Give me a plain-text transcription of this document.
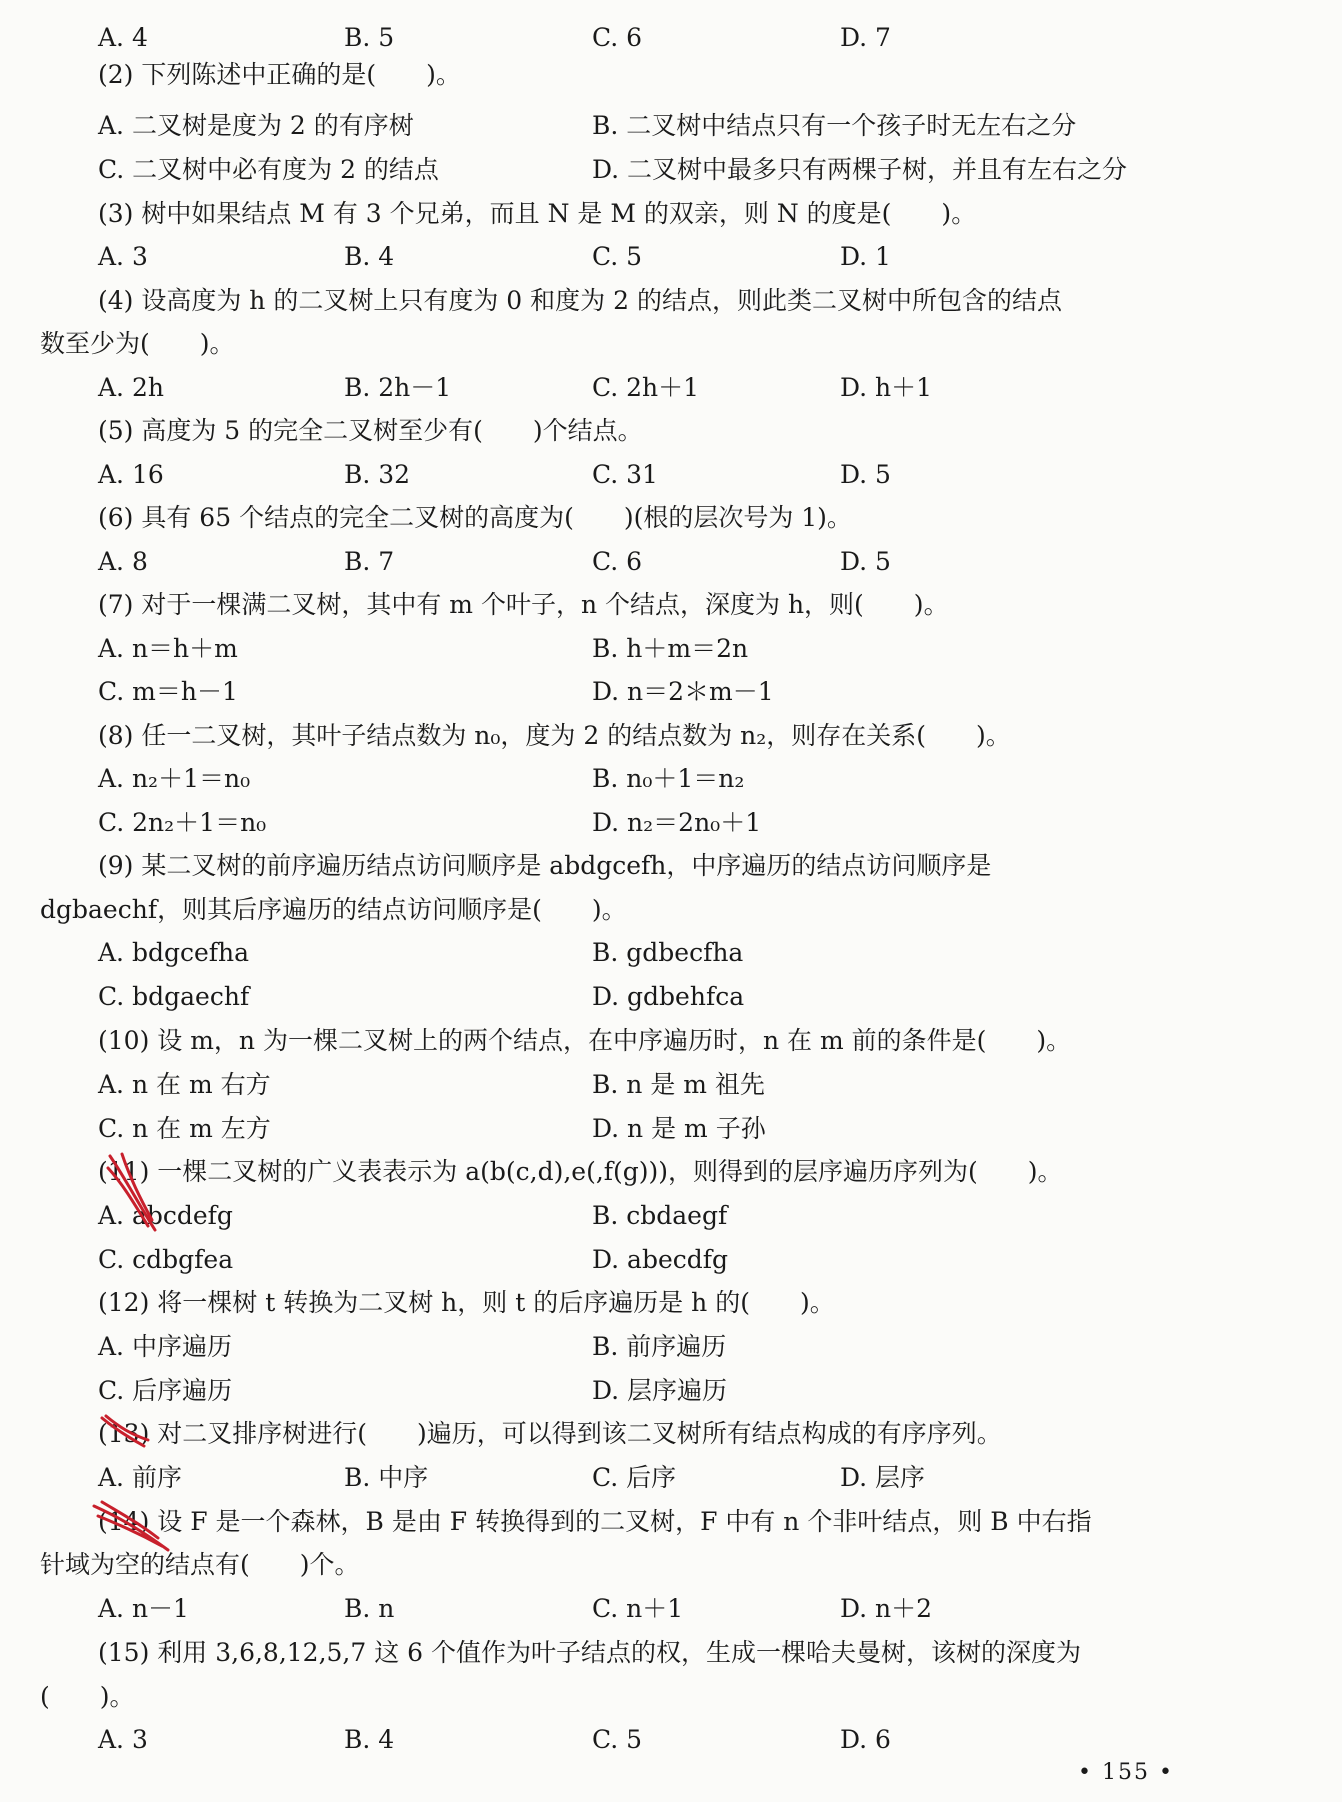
A. 4	B. 5	C. 6	D. 7
(2) 下列陈述中正确的是(　　)。
A. 二叉树是度为 2 的有序树	B. 二叉树中结点只有一个孩子时无左右之分
C. 二叉树中必有度为 2 的结点	D. 二叉树中最多只有两棵子树，并且有左右之分
(3) 树中如果结点 M 有 3 个兄弟，而且 N 是 M 的双亲，则 N 的度是(　　)。
A. 3	B. 4	C. 5	D. 1
(4) 设高度为 h 的二叉树上只有度为 0 和度为 2 的结点，则此类二叉树中所包含的结点
数至少为(　　)。
A. 2h	B. 2h－1	C. 2h＋1	D. h＋1
(5) 高度为 5 的完全二叉树至少有(　　)个结点。
A. 16	B. 32	C. 31	D. 5
(6) 具有 65 个结点的完全二叉树的高度为(　　)(根的层次号为 1)。
A. 8	B. 7	C. 6	D. 5
(7) 对于一棵满二叉树，其中有 m 个叶子，n 个结点，深度为 h，则(　　)。
A. n＝h＋m	B. h＋m＝2n
C. m＝h－1	D. n＝2＊m－1
(8) 任一二叉树，其叶子结点数为 n₀，度为 2 的结点数为 n₂，则存在关系(　　)。
A. n₂＋1＝n₀	B. n₀＋1＝n₂
C. 2n₂＋1＝n₀	D. n₂＝2n₀＋1
(9) 某二叉树的前序遍历结点访问顺序是 abdgcefh，中序遍历的结点访问顺序是
dgbaechf，则其后序遍历的结点访问顺序是(　　)。
A. bdgcefha	B. gdbecfha
C. bdgaechf	D. gdbehfca
(10) 设 m，n 为一棵二叉树上的两个结点，在中序遍历时，n 在 m 前的条件是(　　)。
A. n 在 m 右方	B. n 是 m 祖先
C. n 在 m 左方	D. n 是 m 子孙
(11) 一棵二叉树的广义表表示为 a(b(c,d),e(,f(g)))，则得到的层序遍历序列为(　　)。
A. abcdefg	B. cbdaegf
C. cdbgfea	D. abecdfg
(12) 将一棵树 t 转换为二叉树 h，则 t 的后序遍历是 h 的(　　)。
A. 中序遍历	B. 前序遍历
C. 后序遍历	D. 层序遍历
(13) 对二叉排序树进行(　　)遍历，可以得到该二叉树所有结点构成的有序序列。
A. 前序	B. 中序	C. 后序	D. 层序
(14) 设 F 是一个森林，B 是由 F 转换得到的二叉树，F 中有 n 个非叶结点，则 B 中右指
针域为空的结点有(　　)个。
A. n－1	B. n	C. n＋1	D. n＋2
(15) 利用 3,6,8,12,5,7 这 6 个值作为叶子结点的权，生成一棵哈夫曼树，该树的深度为
(　　)。
A. 3	B. 4	C. 5	D. 6
• 155 •
